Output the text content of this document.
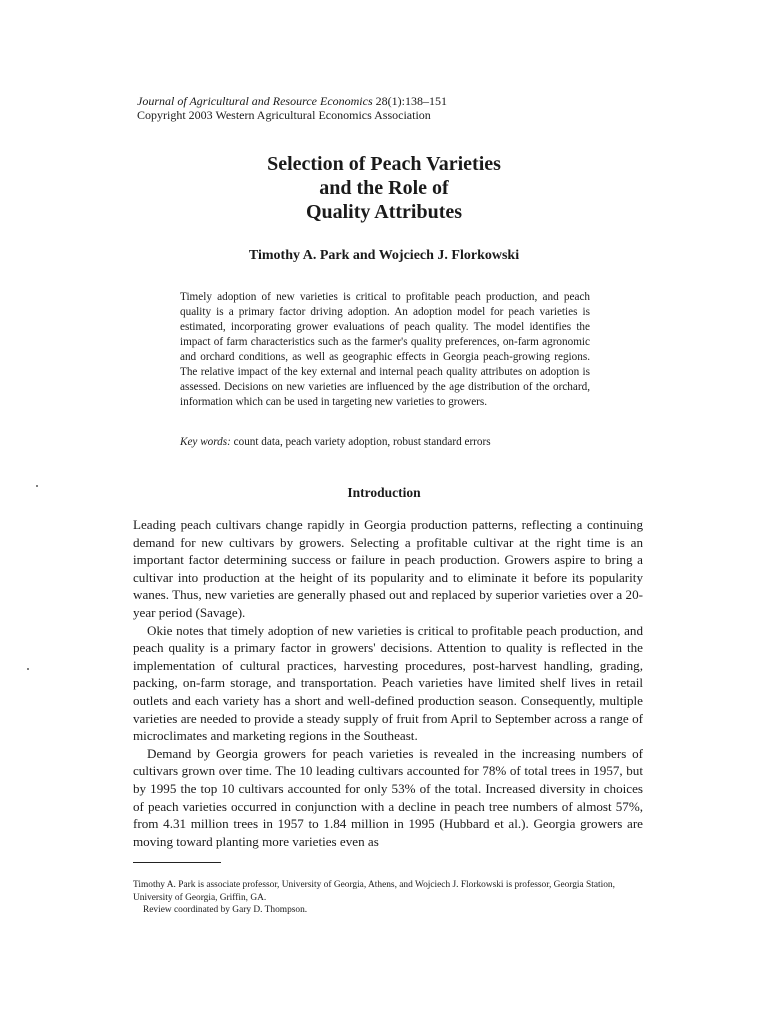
Journal of Agricultural and Resource Economics 28(1):138–151
Copyright 2003 Western Agricultural Economics Association
Selection of Peach Varieties
and the Role of
Quality Attributes
Timothy A. Park and Wojciech J. Florkowski
Timely adoption of new varieties is critical to profitable peach production, and peach quality is a primary factor driving adoption. An adoption model for peach varieties is estimated, incorporating grower evaluations of peach quality. The model identifies the impact of farm characteristics such as the farmer's quality preferences, on-farm agronomic and orchard conditions, as well as geographic effects in Georgia peach-growing regions. The relative impact of the key external and internal peach quality attributes on adoption is assessed. Decisions on new varieties are influenced by the age distribution of the orchard, information which can be used in targeting new varieties to growers.
Key words: count data, peach variety adoption, robust standard errors
Introduction

Leading peach cultivars change rapidly in Georgia production patterns, reflecting a continuing demand for new cultivars by growers. Selecting a profitable cultivar at the right time is an important factor determining success or failure in peach production. Growers aspire to bring a cultivar into production at the height of its popularity and to eliminate it before its popularity wanes. Thus, new varieties are generally phased out and replaced by superior varieties over a 20-year period (Savage).

Okie notes that timely adoption of new varieties is critical to profitable peach production, and peach quality is a primary factor in growers' decisions. Attention to quality is reflected in the implementation of cultural practices, harvesting procedures, post-harvest handling, grading, packing, on-farm storage, and transportation. Peach varieties have limited shelf lives in retail outlets and each variety has a short and well-defined production season. Consequently, multiple varieties are needed to provide a steady supply of fruit from April to September across a range of microclimates and marketing regions in the Southeast.

Demand by Georgia growers for peach varieties is revealed in the increasing numbers of cultivars grown over time. The 10 leading cultivars accounted for 78% of total trees in 1957, but by 1995 the top 10 cultivars accounted for only 53% of the total. Increased diversity in choices of peach varieties occurred in conjunction with a decline in peach tree numbers of almost 57%, from 4.31 million trees in 1957 to 1.84 million in 1995 (Hubbard et al.). Georgia growers are moving toward planting more varieties even as

Timothy A. Park is associate professor, University of Georgia, Athens, and Wojciech J. Florkowski is professor, Georgia Station, University of Georgia, Griffin, GA.

Review coordinated by Gary D. Thompson.
